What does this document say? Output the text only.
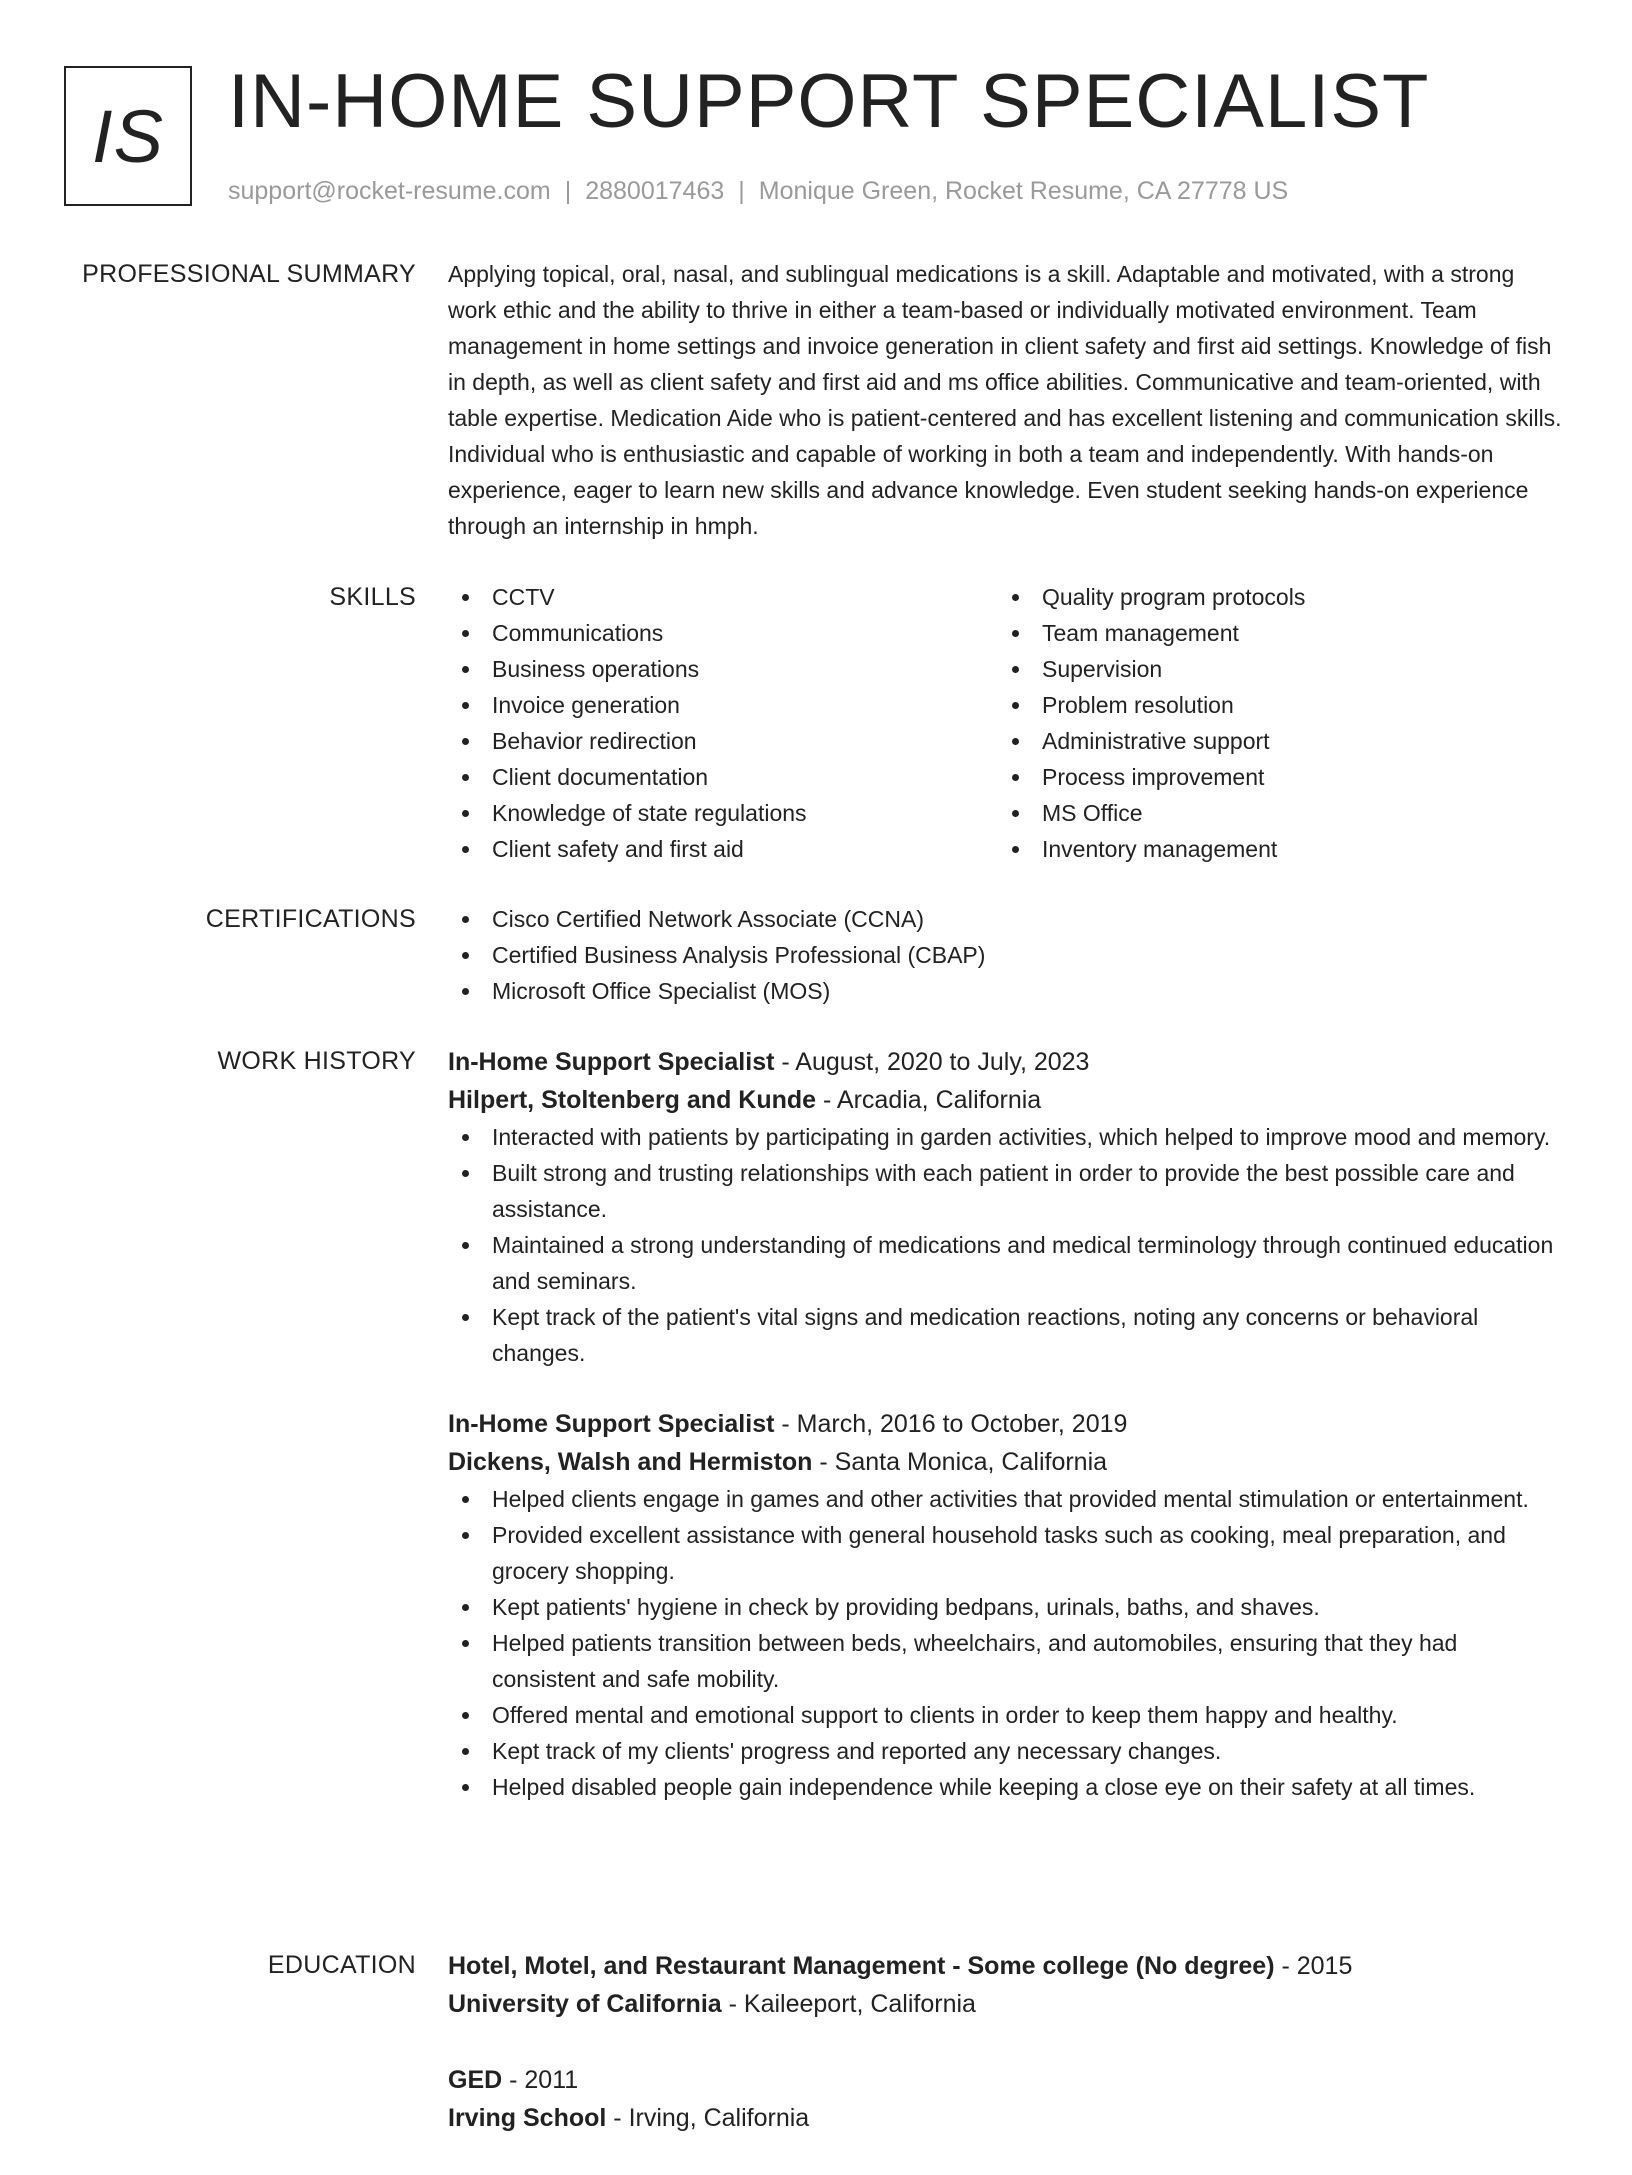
IS IN-HOME SUPPORT SPECIALIST
support@rocket-resume.com | 2880017463 | Monique Green, Rocket Resume, CA 27778 US
PROFESSIONAL SUMMARY Applying topical, oral, nasal, and sublingual medications is a skill. Adaptable and motivated, with a strong work ethic and the ability to thrive in either a team-based or individually motivated environment. Team management in home settings and invoice generation in client safety and first aid settings. Knowledge of fish in depth, as well as client safety and first aid and ms office abilities. Communicative and team-oriented, with table expertise. Medication Aide who is patient-centered and has excellent listening and communication skills. Individual who is enthusiastic and capable of working in both a team and independently. With hands-on experience, eager to learn new skills and advance knowledge. Even student seeking hands-on experience through an internship in hmph.

SKILLS	CCTV
Communications
Business operations
Invoice generation
Behavior redirection
Client documentation
Knowledge of state regulations
Client safety and first aid
Quality program protocols
Team management
Supervision
Problem resolution
Administrative support
Process improvement
MS Office
Inventory management
CERTIFICATIONS	Cisco Certified Network Associate (CCNA)
Certified Business Analysis Professional (CBAP)
Microsoft Office Specialist (MOS)
WORK HISTORY In-Home Support Specialist - August, 2020 to July, 2023
Hilpert, Stoltenberg and Kunde - Arcadia, California
Interacted with patients by participating in garden activities, which helped to improve mood and memory.
Built strong and trusting relationships with each patient in order to provide the best possible care and assistance.
Maintained a strong understanding of medications and medical terminology through continued education and seminars.
Kept track of the patient's vital signs and medication reactions, noting any concerns or behavioral changes.
In-Home Support Specialist - March, 2016 to October, 2019
Dickens, Walsh and Hermiston - Santa Monica, California
Helped clients engage in games and other activities that provided mental stimulation or entertainment.
Provided excellent assistance with general household tasks such as cooking, meal preparation, and grocery shopping.
Kept patients' hygiene in check by providing bedpans, urinals, baths, and shaves.
Helped patients transition between beds, wheelchairs, and automobiles, ensuring that they had consistent and safe mobility.
Offered mental and emotional support to clients in order to keep them happy and healthy.
Kept track of my clients' progress and reported any necessary changes.
Helped disabled people gain independence while keeping a close eye on their safety at all times.
EDUCATION Hotel, Motel, and Restaurant Management - Some college (No degree) - 2015
University of California - Kaileeport, California
GED - 2011
Irving School - Irving, California
